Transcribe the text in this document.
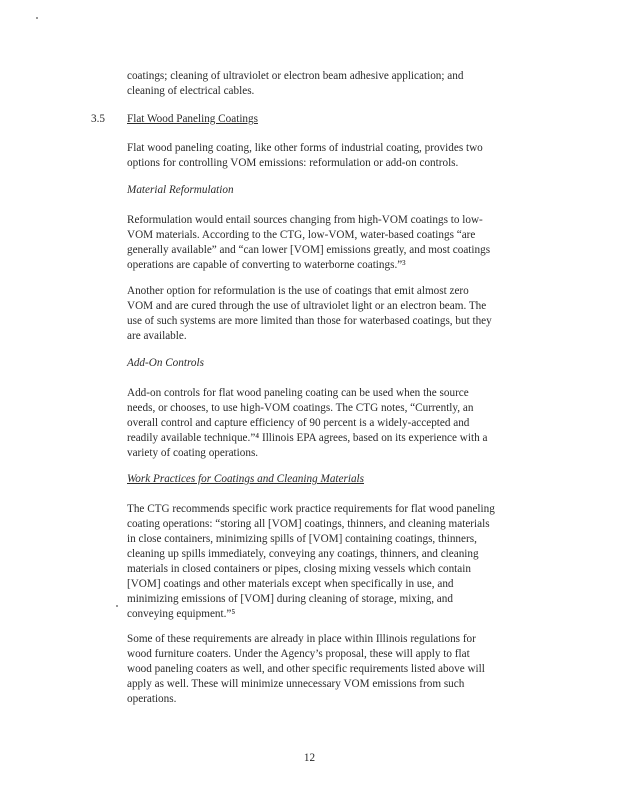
coatings; cleaning of ultraviolet or electron beam adhesive application; and
cleaning of electrical cables.
3.5 Flat Wood Paneling Coatings
Flat wood paneling coating, like other forms of industrial coating, provides two
options for controlling VOM emissions: reformulation or add-on controls.
Material Reformulation
Reformulation would entail sources changing from high-VOM coatings to low-
VOM materials. According to the CTG, low-VOM, water-based coatings “are
generally available” and “can lower [VOM] emissions greatly, and most coatings
operations are capable of converting to waterborne coatings.”³
Another option for reformulation is the use of coatings that emit almost zero
VOM and are cured through the use of ultraviolet light or an electron beam. The
use of such systems are more limited than those for waterbased coatings, but they
are available.
Add-On Controls
Add-on controls for flat wood paneling coating can be used when the source
needs, or chooses, to use high-VOM coatings. The CTG notes, “Currently, an
overall control and capture efficiency of 90 percent is a widely-accepted and
readily available technique.”⁴ Illinois EPA agrees, based on its experience with a
variety of coating operations.
Work Practices for Coatings and Cleaning Materials
The CTG recommends specific work practice requirements for flat wood paneling
coating operations: “storing all [VOM] coatings, thinners, and cleaning materials
in close containers, minimizing spills of [VOM] containing coatings, thinners,
cleaning up spills immediately, conveying any coatings, thinners, and cleaning
materials in closed containers or pipes, closing mixing vessels which contain
[VOM] coatings and other materials except when specifically in use, and
minimizing emissions of [VOM] during cleaning of storage, mixing, and
conveying equipment.”⁵
Some of these requirements are already in place within Illinois regulations for
wood furniture coaters. Under the Agency’s proposal, these will apply to flat
wood paneling coaters as well, and other specific requirements listed above will
apply as well. These will minimize unnecessary VOM emissions from such
operations.
12
